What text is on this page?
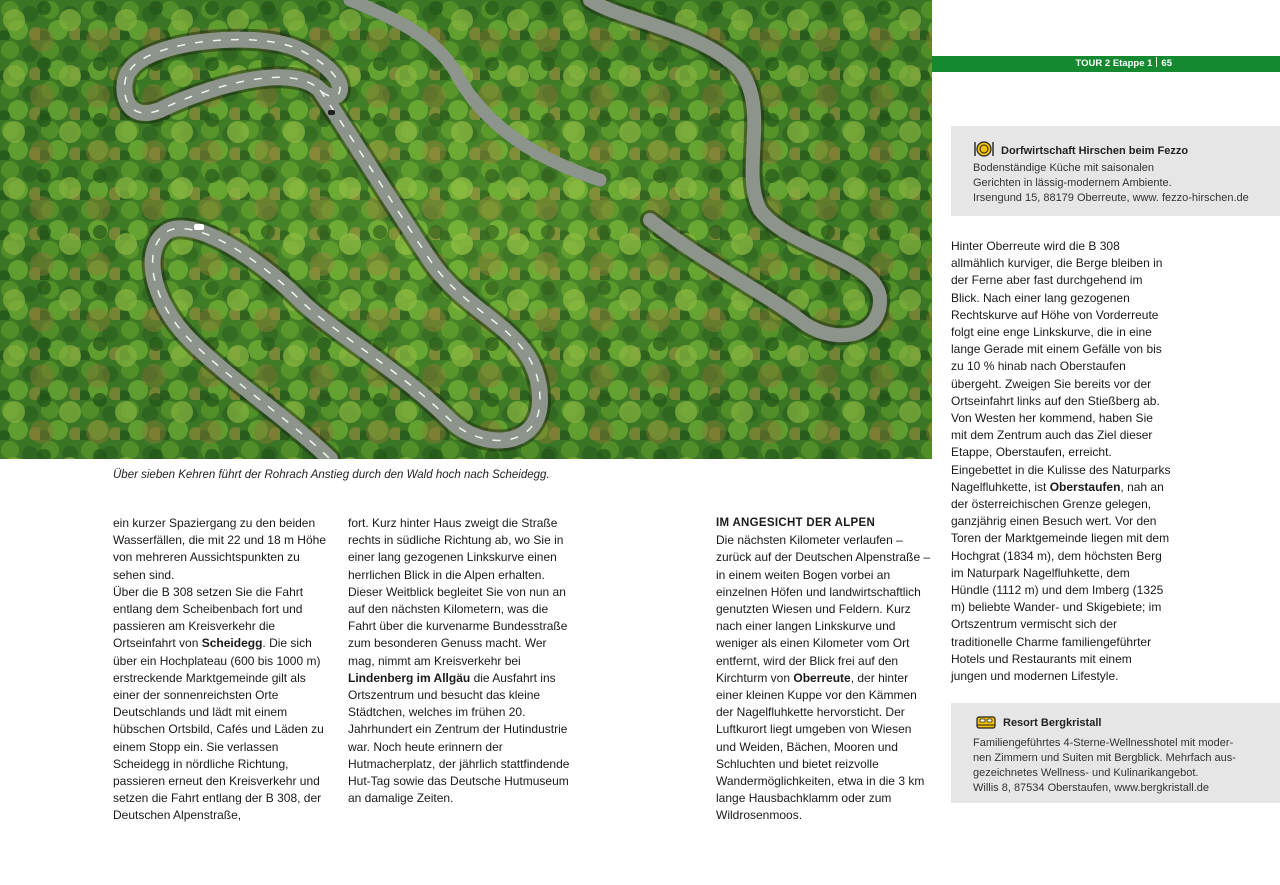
Über sieben Kehren führt der Rohrach Anstieg durch den Wald hoch nach Scheidegg.
TOUR 2 Etappe 1 65
Dorfwirtschaft Hirschen beim Fezzo
Bodenständige Küche mit saisonalen
Gerichten in lässig-modernem Ambiente.
Irsengund 15, 88179 Oberreute, www. fezzo-hirschen.de
Resort Bergkristall
Familiengeführtes 4-Sterne-Wellnesshotel mit moder-
nen Zimmern und Suiten mit Bergblick. Mehrfach aus-
gezeichnetes Wellness- und Kulinarikangebot.
Willis 8, 87534 Oberstaufen, www.bergkristall.de

ein kurzer Spaziergang zu den beiden Wasserfällen, die mit 22 und 18 m Höhe von mehreren Aussichtspunkten zu sehen sind.

Über die B 308 setzen Sie die Fahrt entlang dem Scheibenbach fort und passieren am Kreisverkehr die Ortseinfahrt von Scheidegg. Die sich über ein Hochplateau (600 bis 1000 m) erstreckende Marktgemeinde gilt als einer der sonnenreichsten Orte Deutschlands und lädt mit einem hübschen Ortsbild, Cafés und Läden zu einem Stopp ein. Sie verlassen Scheidegg in nördliche Richtung, passieren erneut den Kreisverkehr und setzen die Fahrt entlang der B 308, der Deutschen Alpenstraße,

fort. Kurz hinter Haus zweigt die Straße rechts in südliche Richtung ab, wo Sie in einer lang gezogenen Linkskurve einen herrlichen Blick in die Alpen erhalten. Dieser Weitblick begleitet Sie von nun an auf den nächsten Kilometern, was die Fahrt über die kurvenarme Bundesstraße zum besonderen Genuss macht. Wer mag, nimmt am Kreisverkehr bei Lindenberg im Allgäu die Ausfahrt ins Ortszentrum und besucht das kleine Städtchen, welches im frühen 20. Jahrhundert ein Zentrum der Hutindustrie war. Noch heute erinnern der Hutmacherplatz, der jährlich stattfindende Hut-Tag sowie das Deutsche Hutmuseum an damalige Zeiten.

IM ANGESICHT DER ALPEN

Die nächsten Kilometer verlaufen – zurück auf der Deutschen Alpenstraße – in einem weiten Bogen vorbei an einzelnen Höfen und landwirtschaftlich genutzten Wiesen und Feldern. Kurz nach einer langen Linkskurve und weniger als einen Kilometer vom Ort entfernt, wird der Blick frei auf den Kirchturm von Oberreute, der hinter einer kleinen Kuppe vor den Kämmen der Nagelfluhkette hervorsticht. Der Luftkurort liegt umgeben von Wiesen und Weiden, Bächen, Mooren und Schluchten und bietet reizvolle Wandermöglichkeiten, etwa in die 3 km lange Hausbachklamm oder zum Wildrosenmoos.

Hinter Oberreute wird die B 308 allmählich kurviger, die Berge bleiben in der Ferne aber fast durchgehend im Blick. Nach einer lang gezogenen Rechtskurve auf Höhe von Vorderreute folgt eine enge Linkskurve, die in eine lange Gerade mit einem Gefälle von bis zu 10 % hinab nach Oberstaufen übergeht. Zweigen Sie bereits vor der Ortseinfahrt links auf den Stießberg ab. Von Westen her kommend, haben Sie mit dem Zentrum auch das Ziel dieser Etappe, Oberstaufen, erreicht. Eingebettet in die Kulisse des Naturparks Nagelfluhkette, ist Oberstaufen, nah an der österreichischen Grenze gelegen, ganzjährig einen Besuch wert. Vor den Toren der Marktgemeinde liegen mit dem Hochgrat (1834 m), dem höchsten Berg im Naturpark Nagelfluhkette, dem Hündle (1112 m) und dem Imberg (1325 m) beliebte Wander- und Skigebiete; im Ortszentrum vermischt sich der traditionelle Charme familiengeführter Hotels und Restaurants mit einem jungen und modernen Lifestyle.
